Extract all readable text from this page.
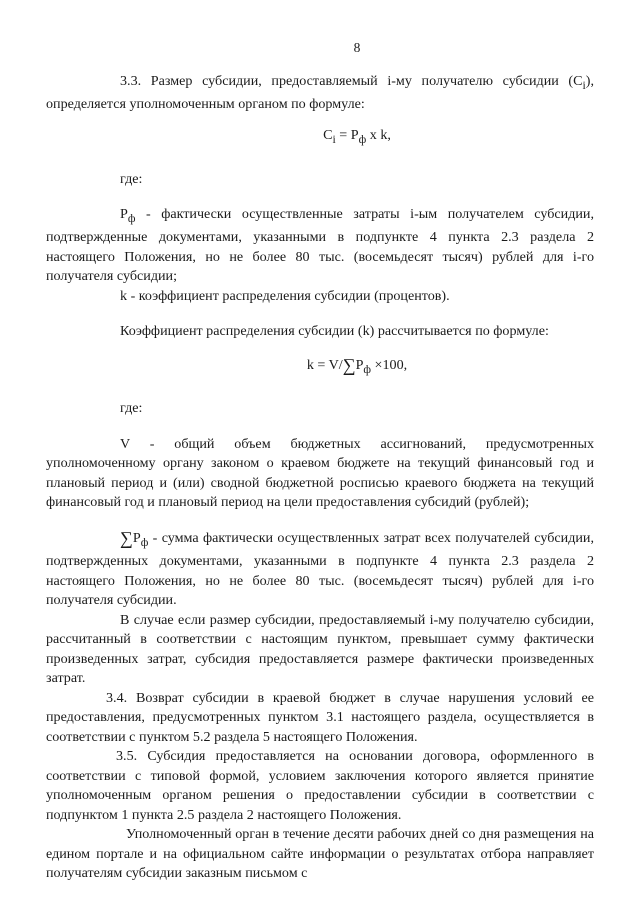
8

3.3. Размер субсидии, предоставляемый i-му получателю субсидии $(С_i)$, определяется уполномоченным органом по формуле:

$C_i = P_ф$ x k,

где:

$P_ф$ - фактически осуществленные затраты i-ым получателем субсидии, подтвержденные документами, указанными в подпункте 4 пункта 2.3 раздела 2 настоящего Положения, но не более 80 тыс. (восемьдесят тысяч) рублей для i-го получателя субсидии;

k - коэффициент распределения субсидии (процентов).

Коэффициент распределения субсидии (k) рассчитывается по формуле:

$k = V/\sum P_ф \times 100$,

где:

V - общий объем бюджетных ассигнований, предусмотренных уполномоченному органу законом о краевом бюджете на текущий финансовый год и плановый период и (или) сводной бюджетной росписью краевого бюджета на текущий финансовый год и плановый период на цели предоставления субсидий (рублей);

$\sum P_ф$ - сумма фактически осуществленных затрат всех получателей субсидии, подтвержденных документами, указанными в подпункте 4 пункта 2.3 раздела 2 настоящего Положения, но не более 80 тыс. (восемьдесят тысяч) рублей для i-го получателя субсидии.

В случае если размер субсидии, предоставляемый i-му получателю субсидии, рассчитанный в соответствии с настоящим пунктом, превышает сумму фактически произведенных затрат, субсидия предоставляется размере фактически произведенных затрат.

3.4. Возврат субсидии в краевой бюджет в случае нарушения условий ее предоставления, предусмотренных пунктом 3.1 настоящего раздела, осуществляется в соответствии с пунктом 5.2 раздела 5 настоящего Положения.

3.5. Субсидия предоставляется на основании договора, оформленного в соответствии с типовой формой, условием заключения которого является принятие уполномоченным органом решения о предоставлении субсидии в соответствии с подпунктом 1 пункта 2.5 раздела 2 настоящего Положения.

Уполномоченный орган в течение десяти рабочих дней со дня размещения на едином портале и на официальном сайте информации о результатах отбора направляет получателям субсидии заказным письмом с
